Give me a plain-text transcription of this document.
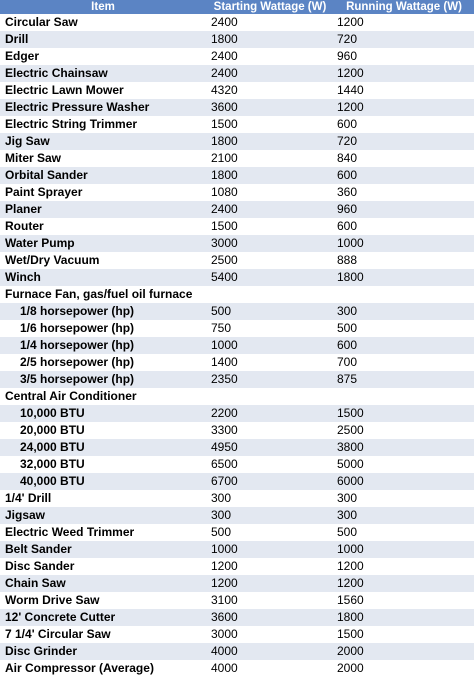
Item	Starting Wattage (W)	Running Wattage (W)
Circular Saw	2400	1200
Drill	1800	720
Edger	2400	960
Electric Chainsaw	2400	1200
Electric Lawn Mower	4320	1440
Electric Pressure Washer	3600	1200
Electric String Trimmer	1500	600
Jig Saw	1800	720
Miter Saw	2100	840
Orbital Sander	1800	600
Paint Sprayer	1080	360
Planer	2400	960
Router	1500	600
Water Pump	3000	1000
Wet/Dry Vacuum	2500	888
Winch	5400	1800
Furnace Fan, gas/fuel oil furnace		
1/8 horsepower (hp)	500	300
1/6 horsepower (hp)	750	500
1/4 horsepower (hp)	1000	600
2/5 horsepower (hp)	1400	700
3/5 horsepower (hp)	2350	875
Central Air Conditioner		
10,000 BTU	2200	1500
20,000 BTU	3300	2500
24,000 BTU	4950	3800
32,000 BTU	6500	5000
40,000 BTU	6700	6000
1/4' Drill	300	300
Jigsaw	300	300
Electric Weed Trimmer	500	500
Belt Sander	1000	1000
Disc Sander	1200	1200
Chain Saw	1200	1200
Worm Drive Saw	3100	1560
12' Concrete Cutter	3600	1800
7 1/4' Circular Saw	3000	1500
Disc Grinder	4000	2000
Air Compressor (Average)	4000	2000
